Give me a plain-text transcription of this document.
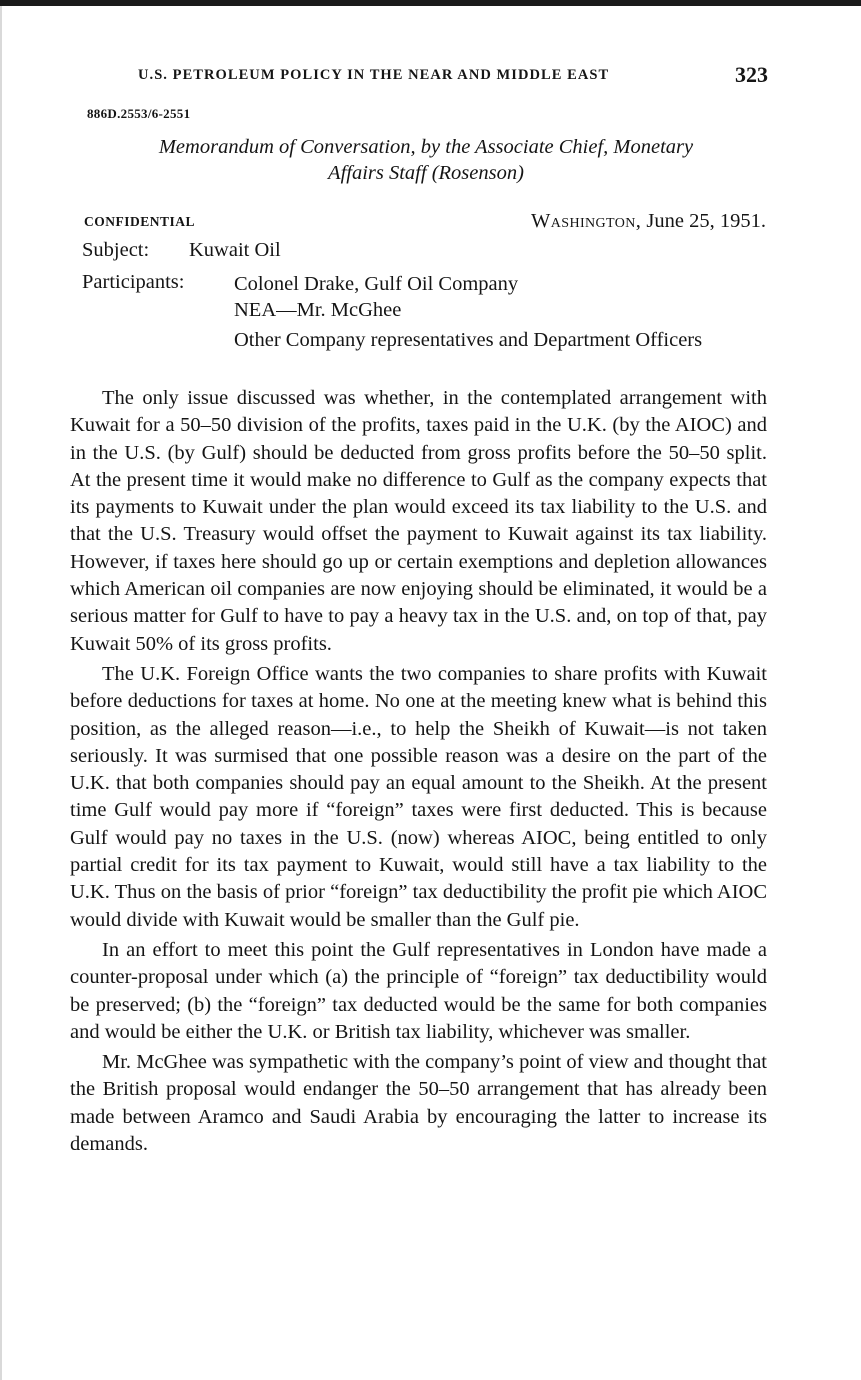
U.S. PETROLEUM POLICY IN THE NEAR AND MIDDLE EAST	323
886D.2553/6-2551
Memorandum of Conversation, by the Associate Chief, Monetary
Affairs Staff (Rosenson)
CONFIDENTIAL	Washington, June 25, 1951.
Subject: Kuwait Oil
Participants: Colonel Drake, Gulf Oil Company
NEA—Mr. McGhee
Other Company representatives and Department Officers

The only issue discussed was whether, in the contemplated arrangement with Kuwait for a 50–50 division of the profits, taxes paid in the U.K. (by the AIOC) and in the U.S. (by Gulf) should be deducted from gross profits before the 50–50 split. At the present time it would make no difference to Gulf as the company expects that its payments to Kuwait under the plan would exceed its tax liability to the U.S. and that the U.S. Treasury would offset the payment to Kuwait against its tax liability. However, if taxes here should go up or certain exemptions and depletion allowances which American oil companies are now enjoying should be eliminated, it would be a serious matter for Gulf to have to pay a heavy tax in the U.S. and, on top of that, pay Kuwait 50% of its gross profits.

The U.K. Foreign Office wants the two companies to share profits with Kuwait before deductions for taxes at home. No one at the meeting knew what is behind this position, as the alleged reason—i.e., to help the Sheikh of Kuwait—is not taken seriously. It was surmised that one possible reason was a desire on the part of the U.K. that both companies should pay an equal amount to the Sheikh. At the present time Gulf would pay more if “foreign” taxes were first deducted. This is because Gulf would pay no taxes in the U.S. (now) whereas AIOC, being entitled to only partial credit for its tax payment to Kuwait, would still have a tax liability to the U.K. Thus on the basis of prior “foreign” tax deductibility the profit pie which AIOC would divide with Kuwait would be smaller than the Gulf pie.

In an effort to meet this point the Gulf representatives in London have made a counter-proposal under which (a) the principle of “foreign” tax deductibility would be preserved; (b) the “foreign” tax deducted would be the same for both companies and would be either the U.K. or British tax liability, whichever was smaller.

Mr. McGhee was sympathetic with the company’s point of view and thought that the British proposal would endanger the 50–50 arrangement that has already been made between Aramco and Saudi Arabia by encouraging the latter to increase its demands.
